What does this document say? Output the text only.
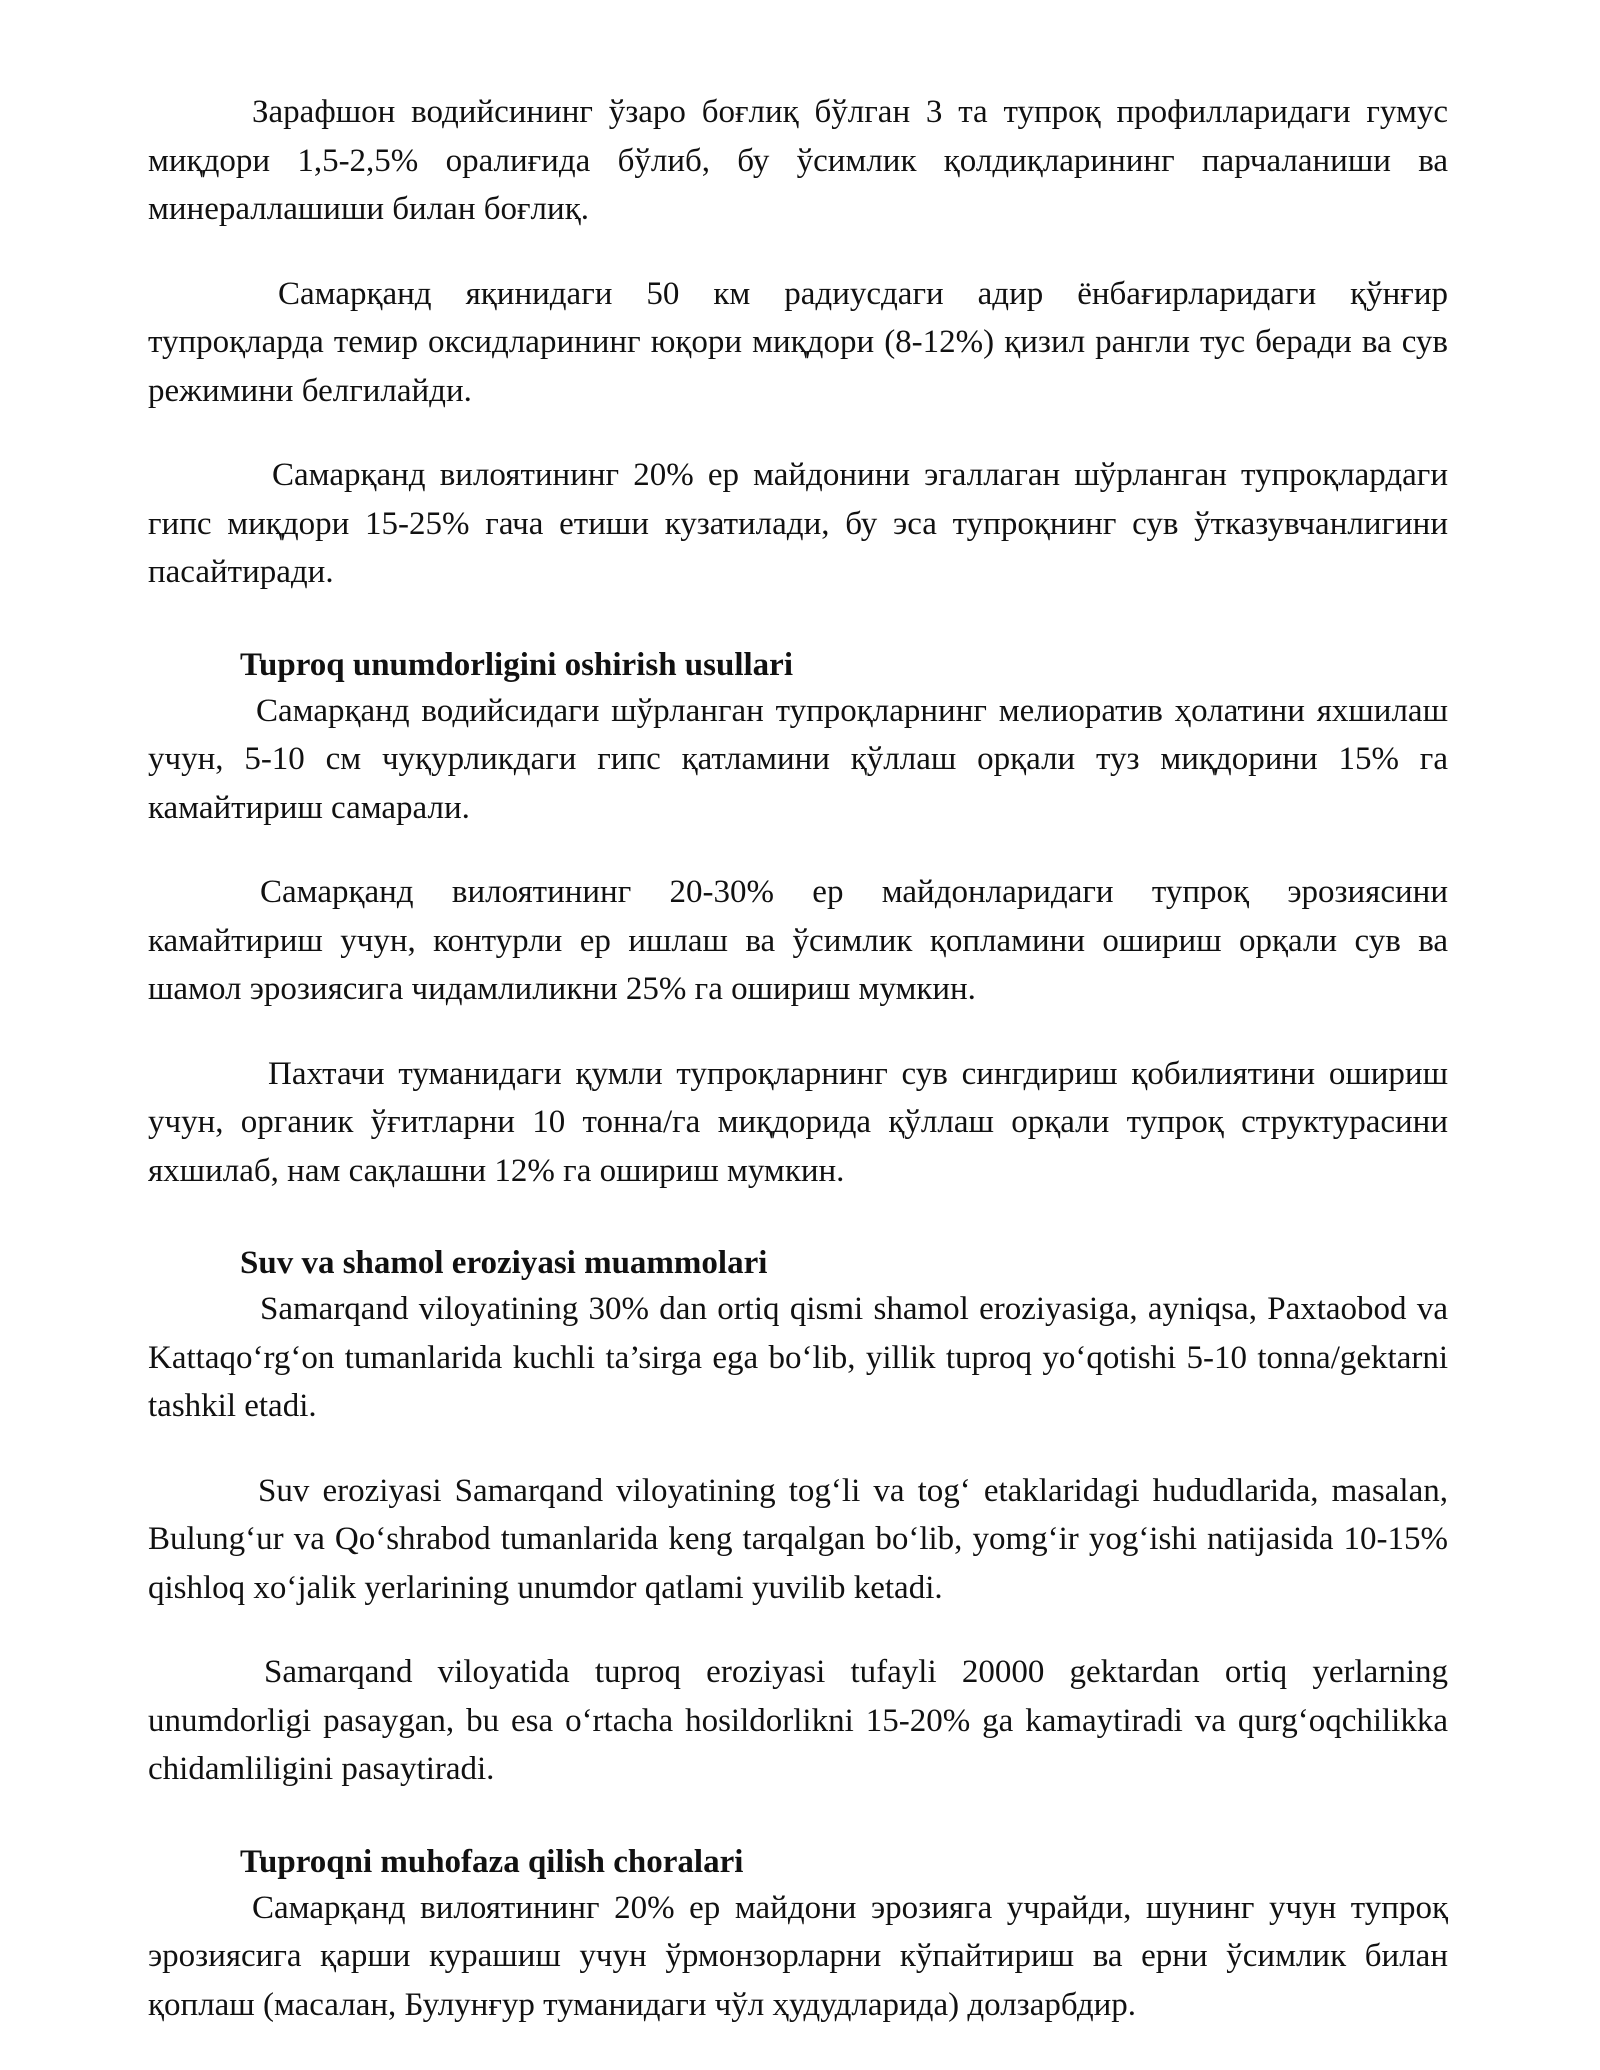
Зарафшон водийсининг ўзаро боғлиқ бўлган 3 та тупроқ профилларидаги гумус миқдори 1,5-2,5% оралиғида бўлиб, бу ўсимлик қолдиқларининг парчаланиши ва минераллашиши билан боғлиқ.

Самарқанд яқинидаги 50 км радиусдаги адир ёнбағирларидаги қўнғир тупроқларда темир оксидларининг юқори миқдори (8-12%) қизил рангли тус беради ва сув режимини белгилайди.

Самарқанд вилоятининг 20% ер майдонини эгаллаган шўрланган тупроқлардаги гипс миқдори 15-25% гача етиши кузатилади, бу эса тупроқнинг сув ўтказувчанлигини пасайтиради.

Tuproq unumdorligini oshirish usullari

Самарқанд водийсидаги шўрланган тупроқларнинг мелиоратив ҳолатини яхшилаш учун, 5-10 см чуқурликдаги гипс қатламини қўллаш орқали туз миқдорини 15% га камайтириш самарали.

Самарқанд вилоятининг 20-30% ер майдонларидаги тупроқ эрозиясини камайтириш учун, контурли ер ишлаш ва ўсимлик қопламини ошириш орқали сув ва шамол эрозиясига чидамлиликни 25% га ошириш мумкин.

Пахтачи туманидаги қумли тупроқларнинг сув сингдириш қобилиятини ошириш учун, органик ўғитларни 10 тонна/га миқдорида қўллаш орқали тупроқ структурасини яхшилаб, нам сақлашни 12% га ошириш мумкин.

Suv va shamol eroziyasi muammolari

Samarqand viloyatining 30% dan ortiq qismi shamol eroziyasiga, ayniqsa, Paxtaobod va Kattaqo‘rg‘on tumanlarida kuchli ta’sirga ega bo‘lib, yillik tuproq yo‘qotishi 5-10 tonna/gektarni tashkil etadi.

Suv eroziyasi Samarqand viloyatining tog‘li va tog‘ etaklaridagi hududlarida, masalan, Bulung‘ur va Qo‘shrabod tumanlarida keng tarqalgan bo‘lib, yomg‘ir yog‘ishi natijasida 10-15% qishloq xo‘jalik yerlarining unumdor qatlami yuvilib ketadi.

Samarqand viloyatida tuproq eroziyasi tufayli 20000 gektardan ortiq yerlarning unumdorligi pasaygan, bu esa o‘rtacha hosildorlikni 15-20% ga kamaytiradi va qurg‘oqchilikka chidamliligini pasaytiradi.

Tuproqni muhofaza qilish choralari

Самарқанд вилоятининг 20% ер майдони эрозияга учрайди, шунинг учун тупроқ эрозиясига қарши курашиш учун ўрмонзорларни кўпайтириш ва ерни ўсимлик билан қоплаш (масалан, Булунғур туманидаги чўл ҳудудларида) долзарбдир.
